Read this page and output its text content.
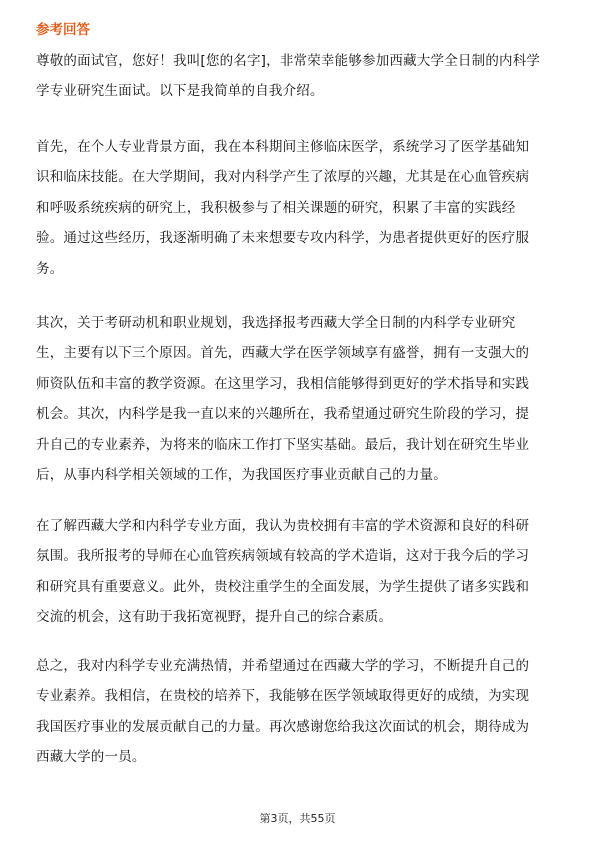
参考回答

尊敬的面试官，您好！我叫[您的名字]，非常荣幸能够参加西藏大学全日制的内科学
学专业研究生面试。以下是我简单的自我介绍。

首先，在个人专业背景方面，我在本科期间主修临床医学，系统学习了医学基础知
识和临床技能。在大学期间，我对内科学产生了浓厚的兴趣，尤其是在心血管疾病
和呼吸系统疾病的研究上，我积极参与了相关课题的研究，积累了丰富的实践经
验。通过这些经历，我逐渐明确了未来想要专攻内科学，为患者提供更好的医疗服
务。

其次，关于考研动机和职业规划，我选择报考西藏大学全日制的内科学专业研究
生，主要有以下三个原因。首先，西藏大学在医学领域享有盛誉，拥有一支强大的
师资队伍和丰富的教学资源。在这里学习，我相信能够得到更好的学术指导和实践
机会。其次，内科学是我一直以来的兴趣所在，我希望通过研究生阶段的学习，提
升自己的专业素养，为将来的临床工作打下坚实基础。最后，我计划在研究生毕业
后，从事内科学相关领域的工作，为我国医疗事业贡献自己的力量。

在了解西藏大学和内科学专业方面，我认为贵校拥有丰富的学术资源和良好的科研
氛围。我所报考的导师在心血管疾病领域有较高的学术造诣，这对于我今后的学习
和研究具有重要意义。此外，贵校注重学生的全面发展，为学生提供了诸多实践和
交流的机会，这有助于我拓宽视野，提升自己的综合素质。

总之，我对内科学专业充满热情，并希望通过在西藏大学的学习，不断提升自己的
专业素养。我相信，在贵校的培养下，我能够在医学领域取得更好的成绩，为实现
我国医疗事业的发展贡献自己的力量。再次感谢您给我这次面试的机会，期待成为
西藏大学的一员。

第3页，共55页
